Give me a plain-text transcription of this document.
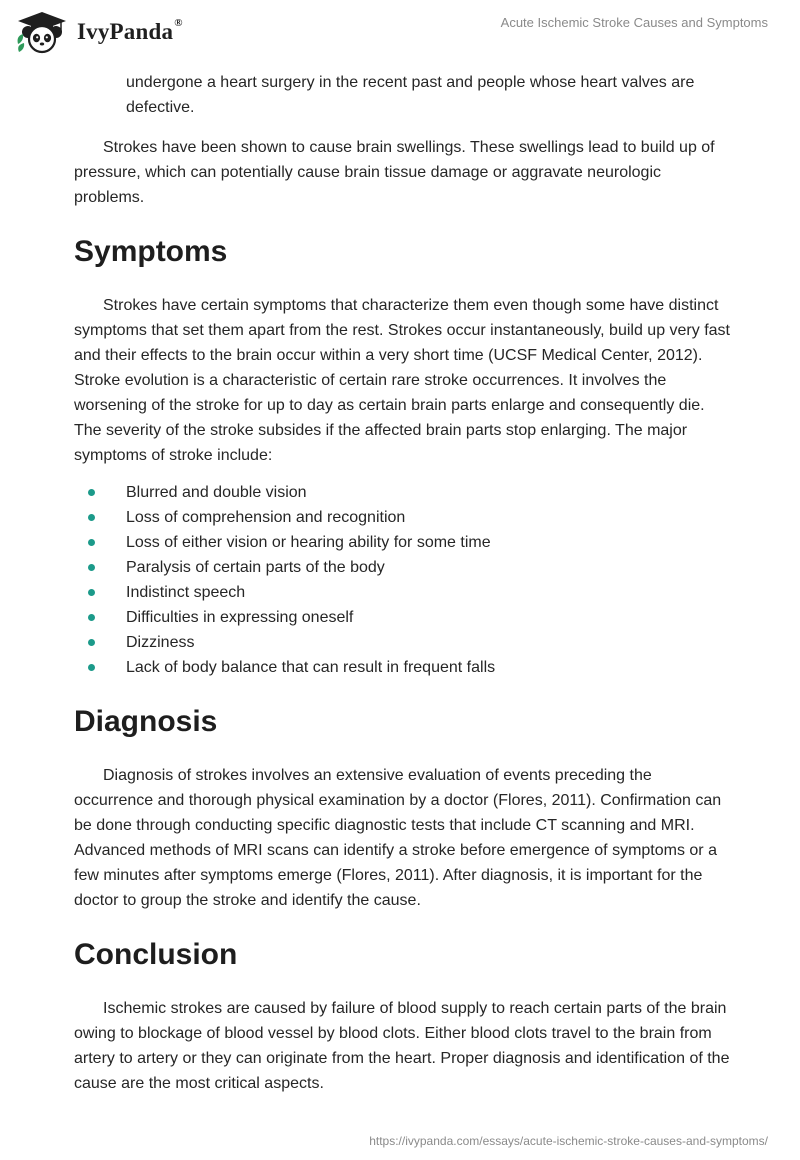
IvyPanda®	Acute Ischemic Stroke Causes and Symptoms

undergone a heart surgery in the recent past and people whose heart valves are defective.

Strokes have been shown to cause brain swellings. These swellings lead to build up of pressure, which can potentially cause brain tissue damage or aggravate neurologic problems.

Symptoms

Strokes have certain symptoms that characterize them even though some have distinct symptoms that set them apart from the rest. Strokes occur instantaneously, build up very fast and their effects to the brain occur within a very short time (UCSF Medical Center, 2012). Stroke evolution is a characteristic of certain rare stroke occurrences. It involves the worsening of the stroke for up to day as certain brain parts enlarge and consequently die. The severity of the stroke subsides if the affected brain parts stop enlarging. The major symptoms of stroke include:

Blurred and double vision
Loss of comprehension and recognition
Loss of either vision or hearing ability for some time
Paralysis of certain parts of the body
Indistinct speech
Difficulties in expressing oneself
Dizziness
Lack of body balance that can result in frequent falls
Diagnosis

Diagnosis of strokes involves an extensive evaluation of events preceding the occurrence and thorough physical examination by a doctor (Flores, 2011). Confirmation can be done through conducting specific diagnostic tests that include CT scanning and MRI. Advanced methods of MRI scans can identify a stroke before emergence of symptoms or a few minutes after symptoms emerge (Flores, 2011). After diagnosis, it is important for the doctor to group the stroke and identify the cause.

Conclusion

Ischemic strokes are caused by failure of blood supply to reach certain parts of the brain owing to blockage of blood vessel by blood clots. Either blood clots travel to the brain from artery to artery or they can originate from the heart. Proper diagnosis and identification of the cause are the most critical aspects.

https://ivypanda.com/essays/acute-ischemic-stroke-causes-and-symptoms/
